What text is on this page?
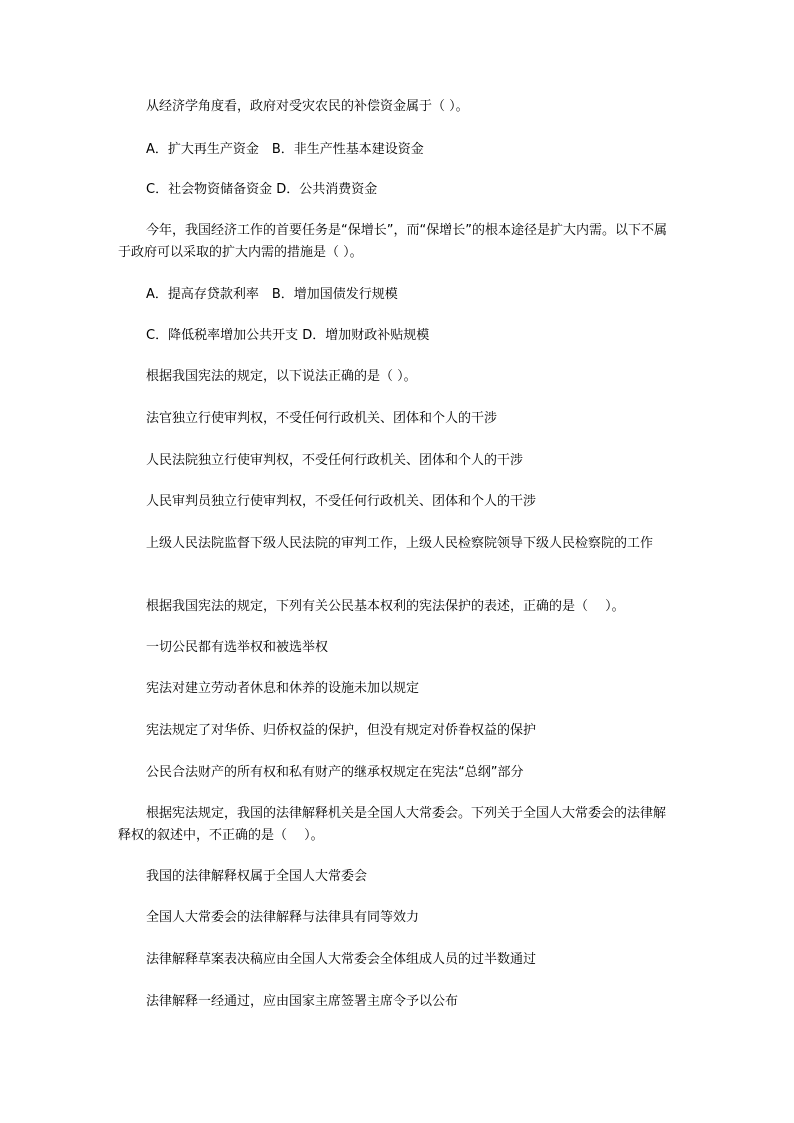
从经济学角度看，政府对受灾农民的补偿资金属于（ ）。
A．扩大再生产资金　B．非生产性基本建设资金
C．社会物资储备资金 D．公共消费资金
今年，我国经济工作的首要任务是“保增长”，而“保增长”的根本途径是扩大内需。以下不属于政府可以采取的扩大内需的措施是（ ）。
A．提高存贷款利率　B．增加国债发行规模
C．降低税率增加公共开支 D．增加财政补贴规模
根据我国宪法的规定，以下说法正确的是（ ）。
法官独立行使审判权，不受任何行政机关、团体和个人的干涉
人民法院独立行使审判权，不受任何行政机关、团体和个人的干涉
人民审判员独立行使审判权，不受任何行政机关、团体和个人的干涉
上级人民法院监督下级人民法院的审判工作，上级人民检察院领导下级人民检察院的工作
根据我国宪法的规定，下列有关公民基本权利的宪法保护的表述，正确的是（　 ）。
一切公民都有选举权和被选举权
宪法对建立劳动者休息和休养的设施未加以规定
宪法规定了对华侨、归侨权益的保护，但没有规定对侨眷权益的保护
公民合法财产的所有权和私有财产的继承权规定在宪法“总纲”部分
根据宪法规定，我国的法律解释机关是全国人大常委会。下列关于全国人大常委会的法律解释权的叙述中，不正确的是（　 ）。
我国的法律解释权属于全国人大常委会
全国人大常委会的法律解释与法律具有同等效力
法律解释草案表决稿应由全国人大常委会全体组成人员的过半数通过
法律解释一经通过，应由国家主席签署主席令予以公布
